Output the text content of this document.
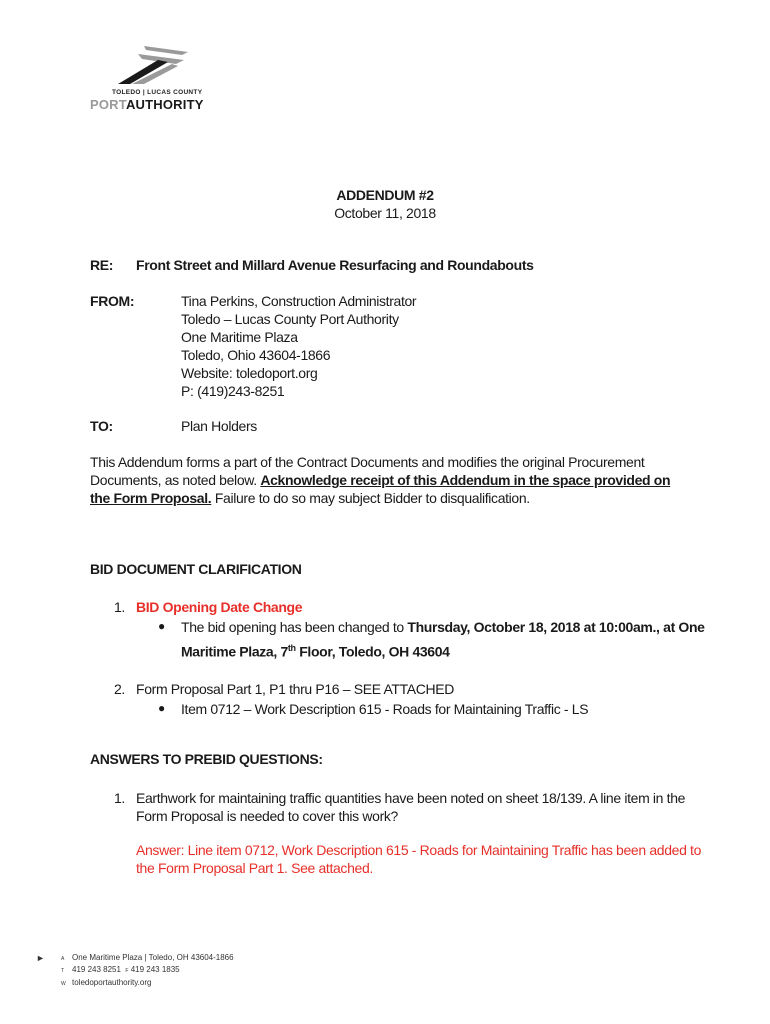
TOLEDO | LUCAS COUNTY
PORTAUTHORITY
ADDENDUM #2
October 11, 2018
RE: Front Street and Millard Avenue Resurfacing and Roundabouts
FROM:	Tina Perkins, Construction Administrator
Toledo – Lucas County Port Authority
One Maritime Plaza
Toledo, Ohio 43604-1866
Website: toledoport.org
P: (419)243-8251
TO:	Plan Holders
This Addendum forms a part of the Contract Documents and modifies the original Procurement Documents, as noted below. Acknowledge receipt of this Addendum in the space provided on the Form Proposal. Failure to do so may subject Bidder to disqualification.
BID DOCUMENT CLARIFICATION
1. BID Opening Date Change
● The bid opening has been changed to Thursday, October 18, 2018 at 10:00am., at One
Maritime Plaza, 7th Floor, Toledo, OH 43604
2. Form Proposal Part 1, P1 thru P16 – SEE ATTACHED
● Item 0712 – Work Description 615 - Roads for Maintaining Traffic - LS
ANSWERS TO PREBID QUESTIONS:
1. Earthwork for maintaining traffic quantities have been noted on sheet 18/139. A line item in the
Form Proposal is needed to cover this work?
Answer: Line item 0712, Work Description 615 - Roads for Maintaining Traffic has been added to
the Form Proposal Part 1. See attached.
►	A One Maritime Plaza | Toledo, OH 43604-1866
T 419 243 8251 F 419 243 1835
W toledoportauthority.org
